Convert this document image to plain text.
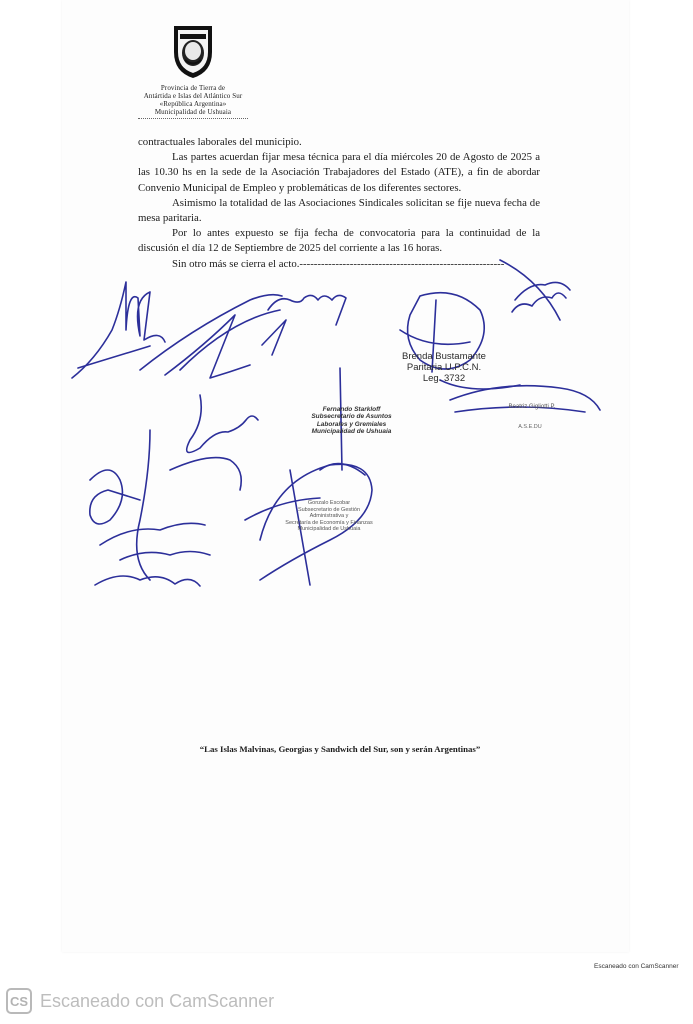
Provincia de Tierra de
Antártida e Islas del Atlántico Sur
«República Argentina»
Municipalidad de Ushuaia

contractuales laborales del municipio.

Las partes acuerdan fijar mesa técnica para el día miércoles 20 de Agosto de 2025 a las 10.30 hs en la sede de la Asociación Trabajadores del Estado (ATE), a fin de abordar Convenio Municipal de Empleo y problemáticas de los diferentes sectores.

Asimismo la totalidad de las Asociaciones Sindicales solicitan se fije nueva fecha de mesa paritaria.

Por lo antes expuesto se fija fecha de convocatoria para la continuidad de la discusión el día 12 de Septiembre de 2025 del corriente a las 16 horas.

Sin otro más se cierra el acto.---------------------------------------------------------

Brenda Bustamante
Paritaria U.P.C.N.
Leg. 3732
Fernando Starkloff
Subsecretario de Asuntos
Laborales y Gremiales
Municipalidad de Ushuaia
Gonzalo Escobar
Subsecretario de Gestión
Administrativa y
Secretaría de Economía y Finanzas
Municipalidad de Ushuaia
Beatriz Gigliotti P.
A.S.E.DU
“Las Islas Malvinas, Georgias y Sandwich del Sur, son y serán Argentinas”
Escaneado con CamScanner
CS Escaneado con CamScanner
